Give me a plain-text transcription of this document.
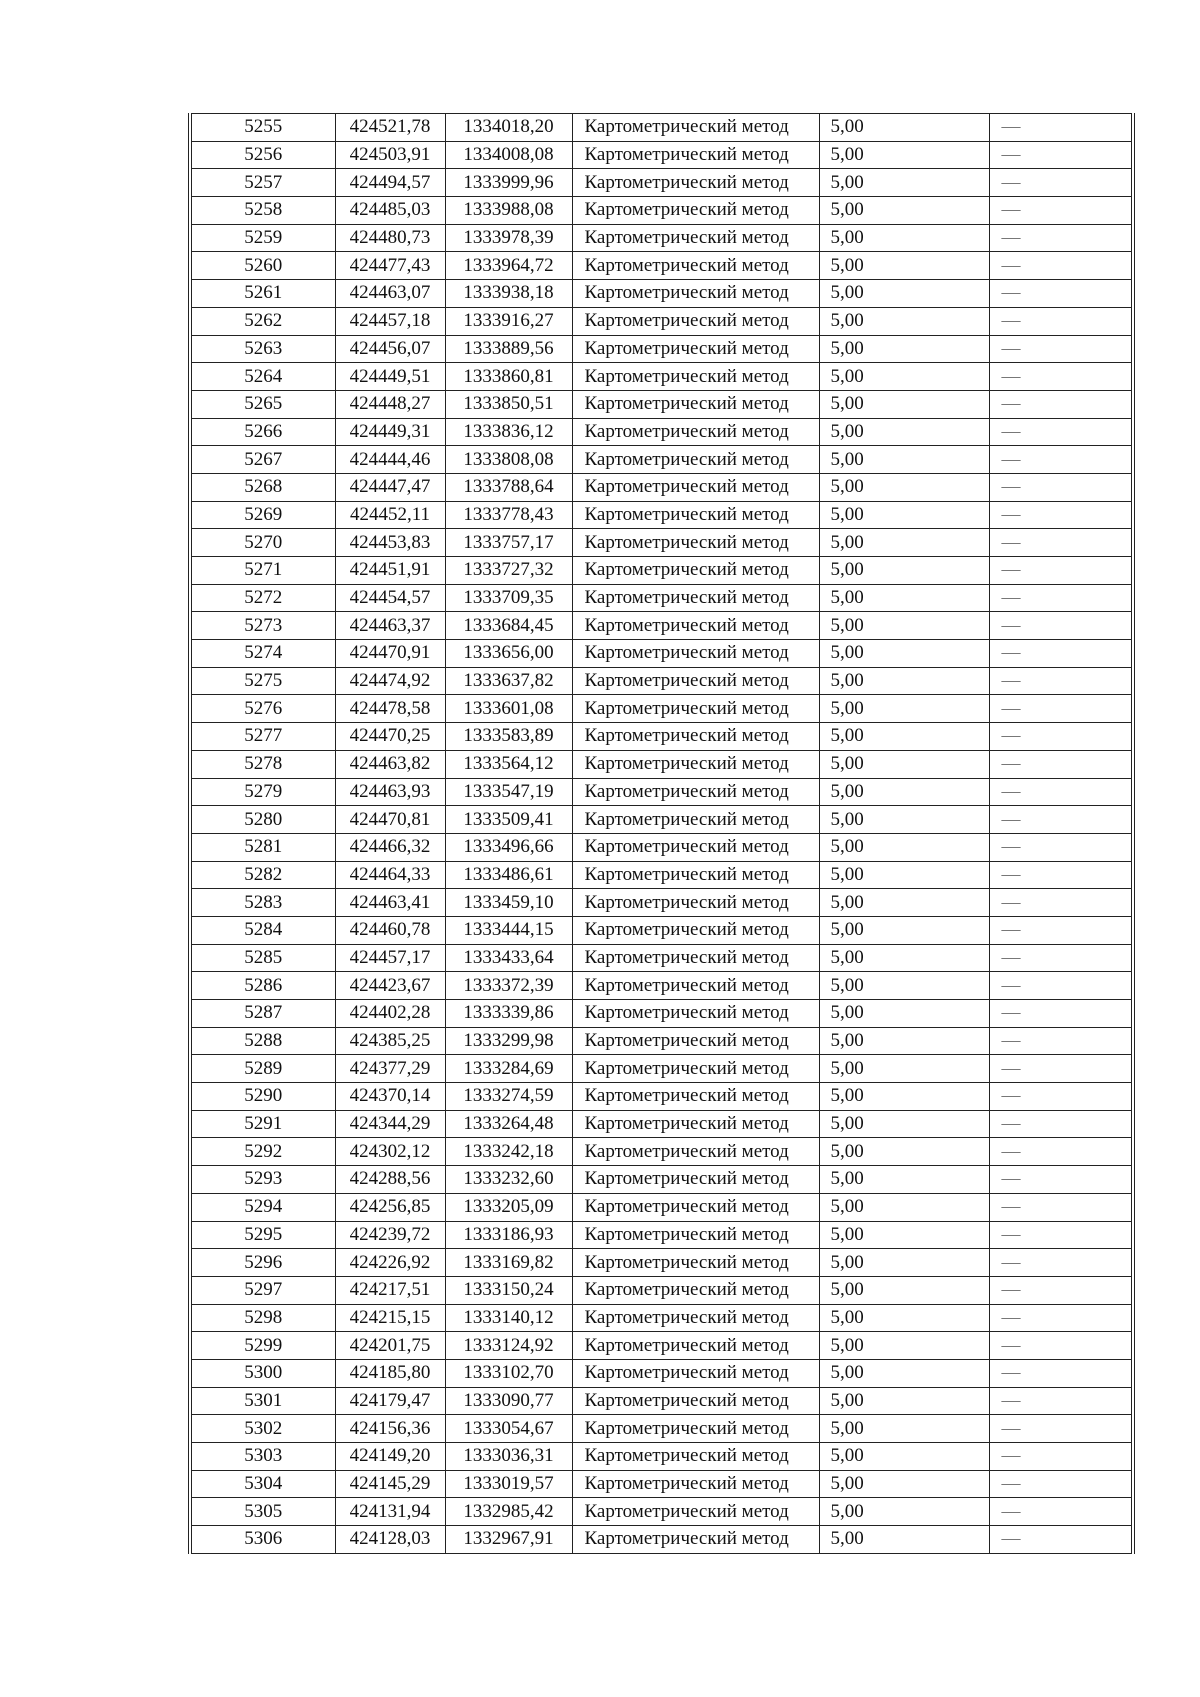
5255	424521,78	1334018,20	Картометрический метод	5,00	—
5256	424503,91	1334008,08	Картометрический метод	5,00	—
5257	424494,57	1333999,96	Картометрический метод	5,00	—
5258	424485,03	1333988,08	Картометрический метод	5,00	—
5259	424480,73	1333978,39	Картометрический метод	5,00	—
5260	424477,43	1333964,72	Картометрический метод	5,00	—
5261	424463,07	1333938,18	Картометрический метод	5,00	—
5262	424457,18	1333916,27	Картометрический метод	5,00	—
5263	424456,07	1333889,56	Картометрический метод	5,00	—
5264	424449,51	1333860,81	Картометрический метод	5,00	—
5265	424448,27	1333850,51	Картометрический метод	5,00	—
5266	424449,31	1333836,12	Картометрический метод	5,00	—
5267	424444,46	1333808,08	Картометрический метод	5,00	—
5268	424447,47	1333788,64	Картометрический метод	5,00	—
5269	424452,11	1333778,43	Картометрический метод	5,00	—
5270	424453,83	1333757,17	Картометрический метод	5,00	—
5271	424451,91	1333727,32	Картометрический метод	5,00	—
5272	424454,57	1333709,35	Картометрический метод	5,00	—
5273	424463,37	1333684,45	Картометрический метод	5,00	—
5274	424470,91	1333656,00	Картометрический метод	5,00	—
5275	424474,92	1333637,82	Картометрический метод	5,00	—
5276	424478,58	1333601,08	Картометрический метод	5,00	—
5277	424470,25	1333583,89	Картометрический метод	5,00	—
5278	424463,82	1333564,12	Картометрический метод	5,00	—
5279	424463,93	1333547,19	Картометрический метод	5,00	—
5280	424470,81	1333509,41	Картометрический метод	5,00	—
5281	424466,32	1333496,66	Картометрический метод	5,00	—
5282	424464,33	1333486,61	Картометрический метод	5,00	—
5283	424463,41	1333459,10	Картометрический метод	5,00	—
5284	424460,78	1333444,15	Картометрический метод	5,00	—
5285	424457,17	1333433,64	Картометрический метод	5,00	—
5286	424423,67	1333372,39	Картометрический метод	5,00	—
5287	424402,28	1333339,86	Картометрический метод	5,00	—
5288	424385,25	1333299,98	Картометрический метод	5,00	—
5289	424377,29	1333284,69	Картометрический метод	5,00	—
5290	424370,14	1333274,59	Картометрический метод	5,00	—
5291	424344,29	1333264,48	Картометрический метод	5,00	—
5292	424302,12	1333242,18	Картометрический метод	5,00	—
5293	424288,56	1333232,60	Картометрический метод	5,00	—
5294	424256,85	1333205,09	Картометрический метод	5,00	—
5295	424239,72	1333186,93	Картометрический метод	5,00	—
5296	424226,92	1333169,82	Картометрический метод	5,00	—
5297	424217,51	1333150,24	Картометрический метод	5,00	—
5298	424215,15	1333140,12	Картометрический метод	5,00	—
5299	424201,75	1333124,92	Картометрический метод	5,00	—
5300	424185,80	1333102,70	Картометрический метод	5,00	—
5301	424179,47	1333090,77	Картометрический метод	5,00	—
5302	424156,36	1333054,67	Картометрический метод	5,00	—
5303	424149,20	1333036,31	Картометрический метод	5,00	—
5304	424145,29	1333019,57	Картометрический метод	5,00	—
5305	424131,94	1332985,42	Картометрический метод	5,00	—
5306	424128,03	1332967,91	Картометрический метод	5,00	—
